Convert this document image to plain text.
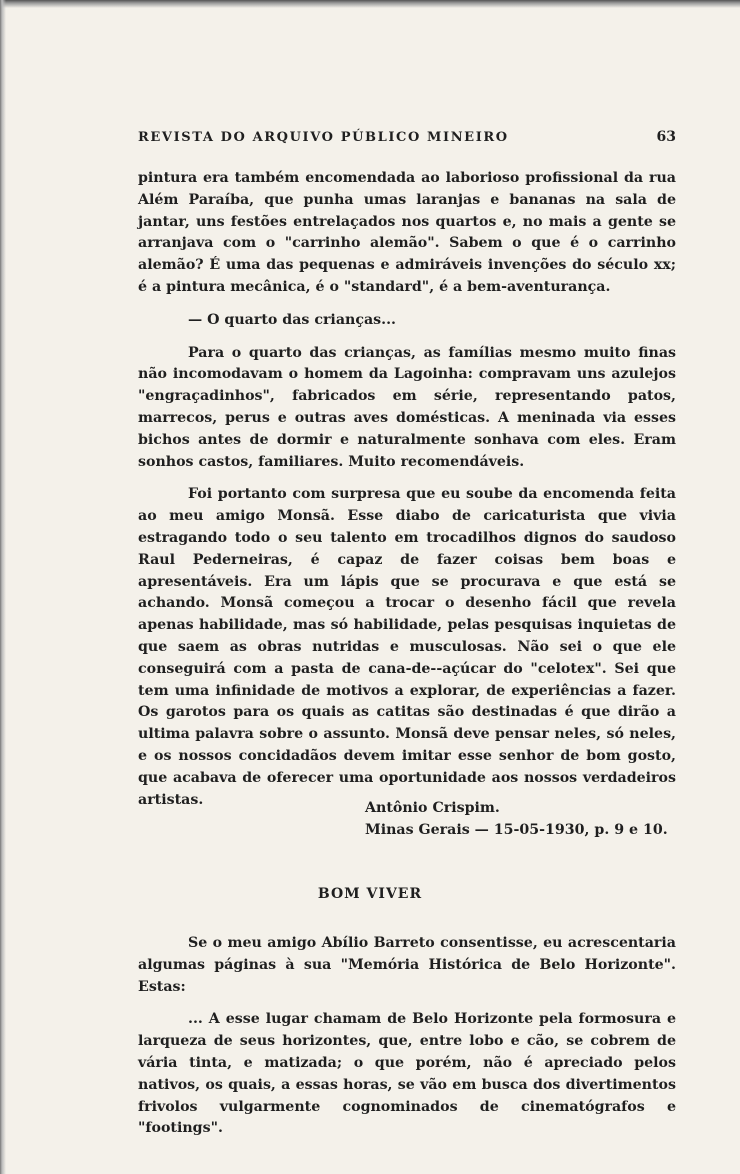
REVISTA DO ARQUIVO PÚBLICO MINEIRO	63

pintura era também encomendada ao laborioso profissional da rua Além Paraíba, que punha umas laranjas e bananas na sala de jantar, uns festões entrelaçados nos quartos e, no mais a gente se arranjava com o "carrinho alemão". Sabem o que é o carrinho alemão? É uma das pequenas e admiráveis invenções do século xx; é a pintura mecânica, é o "standard", é a bem-aventurança.

— O quarto das crianças...

Para o quarto das crianças, as famílias mesmo muito finas não incomodavam o homem da Lagoinha: compravam uns azulejos "engraçadinhos", fabricados em série, representando patos, marrecos, perus e outras aves domésticas. A meninada via esses bichos antes de dormir e naturalmente sonhava com eles. Eram sonhos castos, familiares. Muito recomendáveis.

Foi portanto com surpresa que eu soube da encomenda feita ao meu amigo Monsã. Esse diabo de caricaturista que vivia estragando todo o seu talento em trocadilhos dignos do saudoso Raul Pederneiras, é capaz de fazer coisas bem boas e apresentáveis. Era um lápis que se procurava e que está se achando. Monsã começou a trocar o desenho fácil que revela apenas habilidade, mas só habilidade, pelas pesquisas inquietas de que saem as obras nutridas e musculosas. Não sei o que ele conseguirá com a pasta de cana-de--açúcar do "celotex". Sei que tem uma infinidade de motivos a explorar, de experiências a fazer. Os garotos para os quais as catitas são destinadas é que dirão a ultima palavra sobre o assunto. Monsã deve pensar neles, só neles, e os nossos concidadãos devem imitar esse senhor de bom gosto, que acabava de oferecer uma oportunidade aos nossos verdadeiros artistas.

Antônio Crispim.
Minas Gerais — 15-05-1930, p. 9 e 10.
BOM VIVER

Se o meu amigo Abílio Barreto consentisse, eu acrescentaria algumas páginas à sua "Memória Histórica de Belo Horizonte". Estas:

... A esse lugar chamam de Belo Horizonte pela formosura e larqueza de seus horizontes, que, entre lobo e cão, se cobrem de vária tinta, e matizada; o que porém, não é apreciado pelos nativos, os quais, a essas horas, se vão em busca dos divertimentos frivolos vulgarmente cognominados de cinematógrafos e "footings".
